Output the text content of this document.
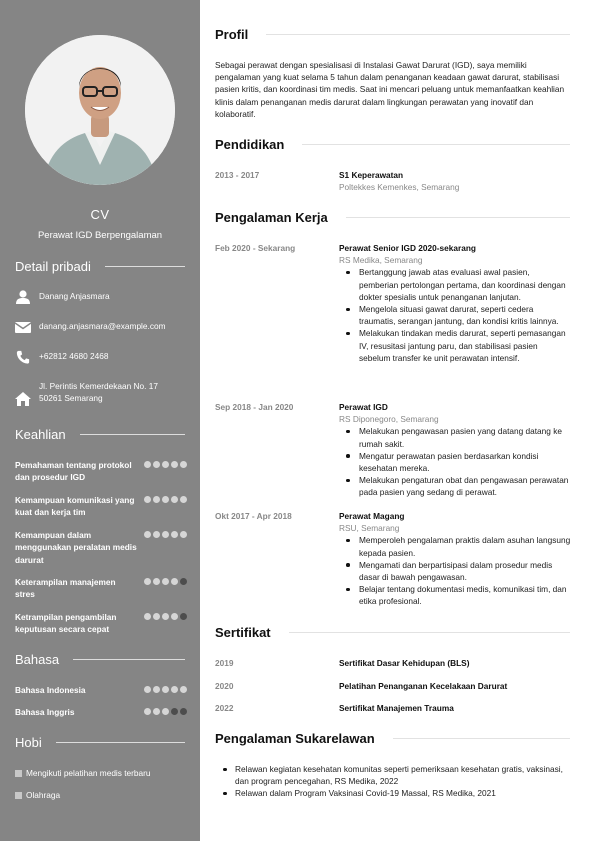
CV
Perawat IGD Berpengalaman
Detail pribadi
Danang Anjasmara
danang.anjasmara@example.com
+62812 4680 2468

Jl. Perintis Kemerdekaan No. 17
50261 Semarang
Keahlian
Pemahaman tentang protokol dan prosedur IGD
Kemampuan komunikasi yang kuat dan kerja tim
Kemampuan dalam menggunakan peralatan medis darurat
Keterampilan manajemen stres
Ketrampilan pengambilan keputusan secara cepat
Bahasa
Bahasa Indonesia
Bahasa Inggris
Hobi
Mengikuti pelatihan medis terbaru
Olahraga
Profil

Sebagai perawat dengan spesialisasi di Instalasi Gawat Darurat (IGD), saya memiliki pengalaman yang kuat selama 5 tahun dalam penanganan keadaan gawat darurat, stabilisasi pasien kritis, dan koordinasi tim medis. Saat ini mencari peluang untuk memanfaatkan keahlian klinis dalam penanganan medis darurat dalam lingkungan perawatan yang inovatif dan kolaboratif.

Pendidikan
2013 - 2017	S1 Keperawatan
Poltekkes Kemenkes, Semarang
Pengalaman Kerja
Feb 2020 - Sekarang	Perawat Senior IGD 2020-sekarang
RS Medika, Semarang
Bertanggung jawab atas evaluasi awal pasien, pemberian pertolongan pertama, dan koordinasi dengan dokter spesialis untuk penanganan lanjutan.
Mengelola situasi gawat darurat, seperti cedera traumatis, serangan jantung, dan kondisi kritis lainnya.
Melakukan tindakan medis darurat, seperti pemasangan IV, resusitasi jantung paru, dan stabilisasi pasien sebelum transfer ke unit perawatan intensif.
Sep 2018 - Jan 2020	Perawat IGD
RS Diponegoro, Semarang
Melakukan pengawasan pasien yang datang datang ke rumah sakit.
Mengatur perawatan pasien berdasarkan kondisi kesehatan mereka.
Melakukan pengaturan obat dan pengawasan perawatan pada pasien yang sedang di perawat.
Okt 2017 - Apr 2018	Perawat Magang
RSU, Semarang
Memperoleh pengalaman praktis dalam asuhan langsung kepada pasien.
Mengamati dan berpartisipasi dalam prosedur medis dasar di bawah pengawasan.
Belajar tentang dokumentasi medis, komunikasi tim, dan etika profesional.
Sertifikat
2019	Sertifikat Dasar Kehidupan (BLS)
2020	Pelatihan Penanganan Kecelakaan Darurat
2022	Sertifikat Manajemen Trauma
Pengalaman Sukarelawan
Relawan kegiatan kesehatan komunitas seperti pemeriksaan kesehatan gratis, vaksinasi, dan program pencegahan, RS Medika, 2022
Relawan dalam Program Vaksinasi Covid-19 Massal, RS Medika, 2021
